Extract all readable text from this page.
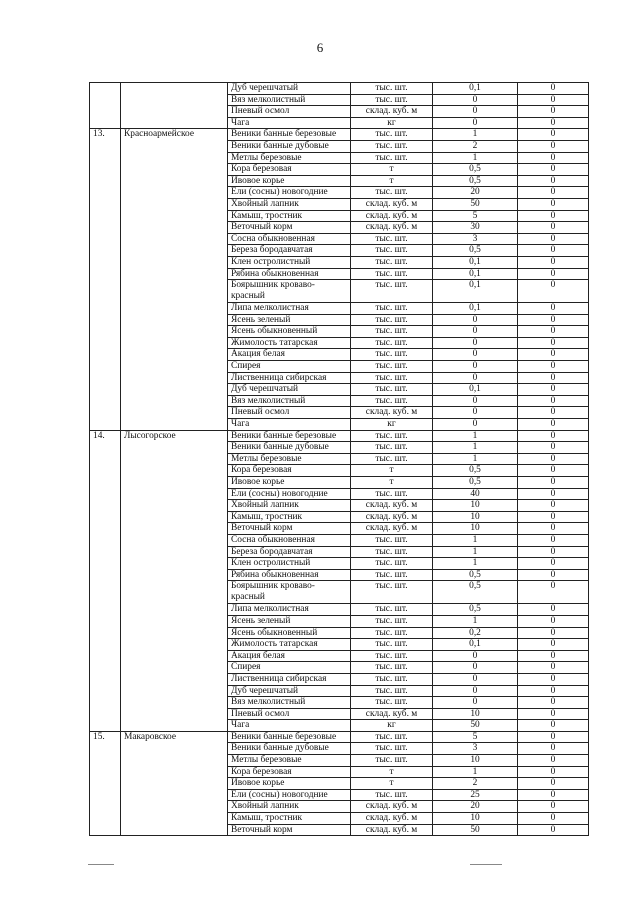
6

		Дуб черешчатый	тыс. шт.	0,1	0

		Вяз мелколистный	тыс. шт.	0	0

		Пневый осмол	склад. куб. м	0	0

		Чага	кг	0	0
13.	Красноармейское	Веники банные березовые	тыс. шт.	1	0

		Веники банные дубовые	тыс. шт.	2	0

		Метлы березовые	тыс. шт.	1	0

		Кора березовая	т	0,5	0

		Ивовое корье	т	0,5	0

		Ели (сосны) новогодние	тыс. шт.	20	0

		Хвойный лапник	склад. куб. м	50	0

		Камыш, тростник	склад. куб. м	5	0

		Веточный корм	склад. куб. м	30	0

		Сосна обыкновенная	тыс. шт.	3	0

		Береза бородавчатая	тыс. шт.	0,5	0

		Клен остролистный	тыс. шт.	0,1	0

		Рябина обыкновенная	тыс. шт.	0,1	0

		Боярышник кроваво-красный	тыс. шт.	0,1	0

		Липа мелколистная	тыс. шт.	0,1	0

		Ясень зеленый	тыс. шт.	0	0

		Ясень обыкновенный	тыс. шт.	0	0

		Жимолость татарская	тыс. шт.	0	0

		Акация белая	тыс. шт.	0	0

		Спирея	тыс. шт.	0	0

		Лиственница сибирская	тыс. шт.	0	0

		Дуб черешчатый	тыс. шт.	0,1	0

		Вяз мелколистный	тыс. шт.	0	0

		Пневый осмол	склад. куб. м	0	0

		Чага	кг	0	0
14.	Лысогорское	Веники банные березовые	тыс. шт.	1	0

		Веники банные дубовые	тыс. шт.	1	0

		Метлы березовые	тыс. шт.	1	0

		Кора березовая	т	0,5	0

		Ивовое корье	т	0,5	0

		Ели (сосны) новогодние	тыс. шт.	40	0

		Хвойный лапник	склад. куб. м	10	0

		Камыш, тростник	склад. куб. м	10	0

		Веточный корм	склад. куб. м	10	0

		Сосна обыкновенная	тыс. шт.	1	0

		Береза бородавчатая	тыс. шт.	1	0

		Клен остролистный	тыс. шт.	1	0

		Рябина обыкновенная	тыс. шт.	0,5	0

		Боярышник кроваво-красный	тыс. шт.	0,5	0

		Липа мелколистная	тыс. шт.	0,5	0

		Ясень зеленый	тыс. шт.	1	0

		Ясень обыкновенный	тыс. шт.	0,2	0

		Жимолость татарская	тыс. шт.	0,1	0

		Акация белая	тыс. шт.	0	0

		Спирея	тыс. шт.	0	0

		Лиственница сибирская	тыс. шт.	0	0

		Дуб черешчатый	тыс. шт.	0	0

		Вяз мелколистный	тыс. шт.	0	0

		Пневый осмол	склад. куб. м	10	0

		Чага	кг	50	0
15.	Макаровское	Веники банные березовые	тыс. шт.	5	0

		Веники банные дубовые	тыс. шт.	3	0

		Метлы березовые	тыс. шт.	10	0

		Кора березовая	т	1	0

		Ивовое корье	т	2	0

		Ели (сосны) новогодние	тыс. шт.	25	0

		Хвойный лапник	склад. куб. м	20	0

		Камыш, тростник	склад. куб. м	10	0

		Веточный корм	склад. куб. м	50	0
